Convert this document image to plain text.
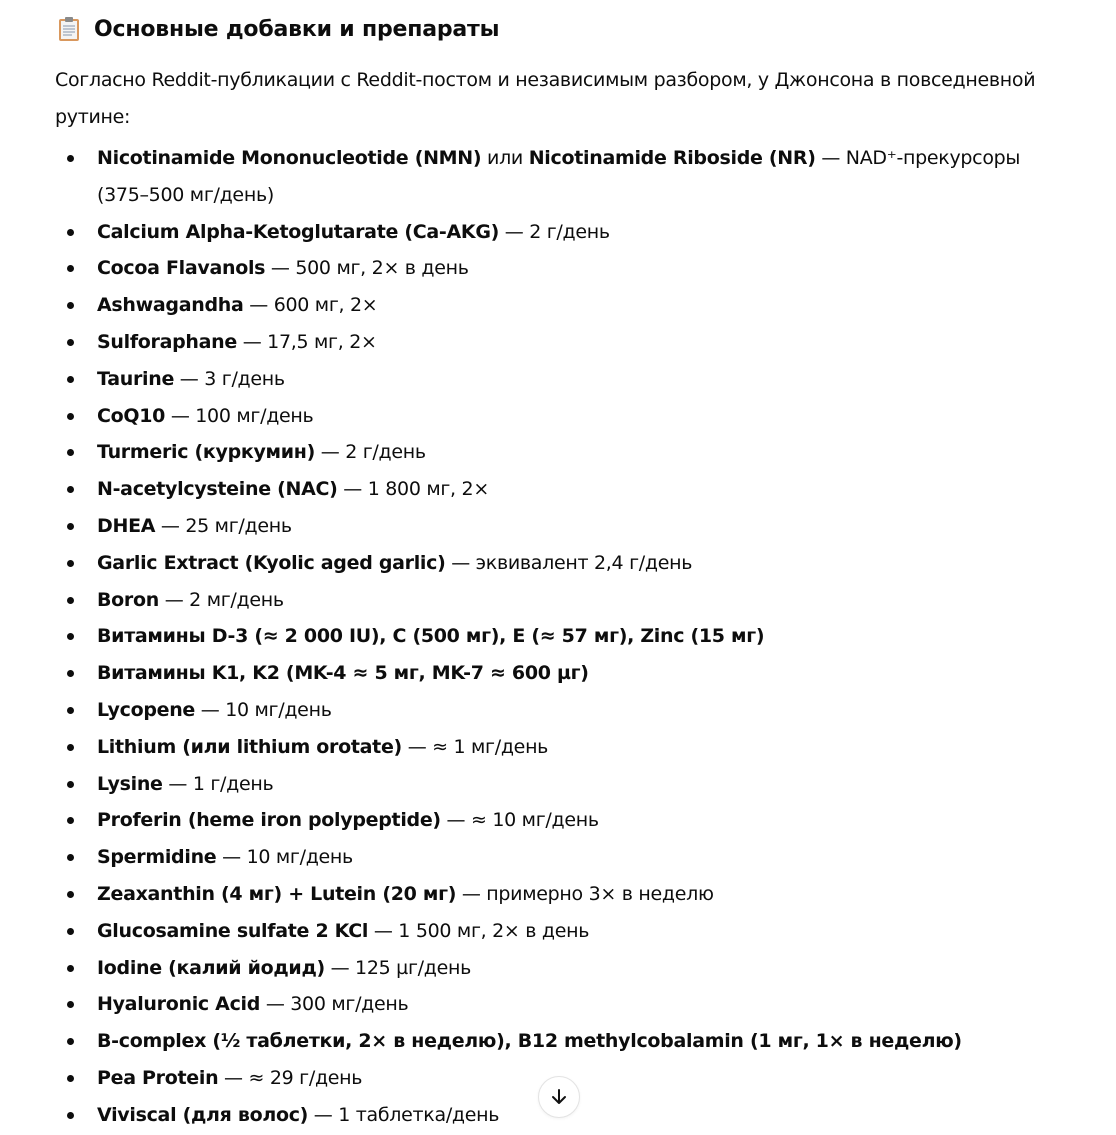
Основные добавки и препараты

Согласно Reddit-публикации с Reddit-постом и независимым разбором, у Джонсона в повседневной рутине:

Nicotinamide Mononucleotide (NMN) или Nicotinamide Riboside (NR) — NAD⁺-прекурсоры (375–500 мг/день)
Calcium Alpha-Ketoglutarate (Ca-AKG) — 2 г/день
Cocoa Flavanols — 500 мг, 2× в день
Ashwagandha — 600 мг, 2×
Sulforaphane — 17,5 мг, 2×
Taurine — 3 г/день
CoQ10 — 100 мг/день
Turmeric (куркумин) — 2 г/день
N-acetylcysteine (NAC) — 1 800 мг, 2×
DHEA — 25 мг/день
Garlic Extract (Kyolic aged garlic) — эквивалент 2,4 г/день
Boron — 2 мг/день
Витамины D-3 (≈ 2 000 IU), C (500 мг), E (≈ 57 мг), Zinc (15 мг)
Витамины K1, K2 (MK-4 ≈ 5 мг, MK-7 ≈ 600 µг)
Lycopene — 10 мг/день
Lithium (или lithium orotate) — ≈ 1 мг/день
Lysine — 1 г/день
Proferin (heme iron polypeptide) — ≈ 10 мг/день
Spermidine — 10 мг/день
Zeaxanthin (4 мг) + Lutein (20 мг) — примерно 3× в неделю
Glucosamine sulfate 2 KCl — 1 500 мг, 2× в день
Iodine (калий йодид) — 125 µг/день
Hyaluronic Acid — 300 мг/день
B-complex (½ таблетки, 2× в неделю), B12 methylcobalamin (1 мг, 1× в неделю)
Pea Protein — ≈ 29 г/день
Viviscal (для волос) — 1 таблетка/день
